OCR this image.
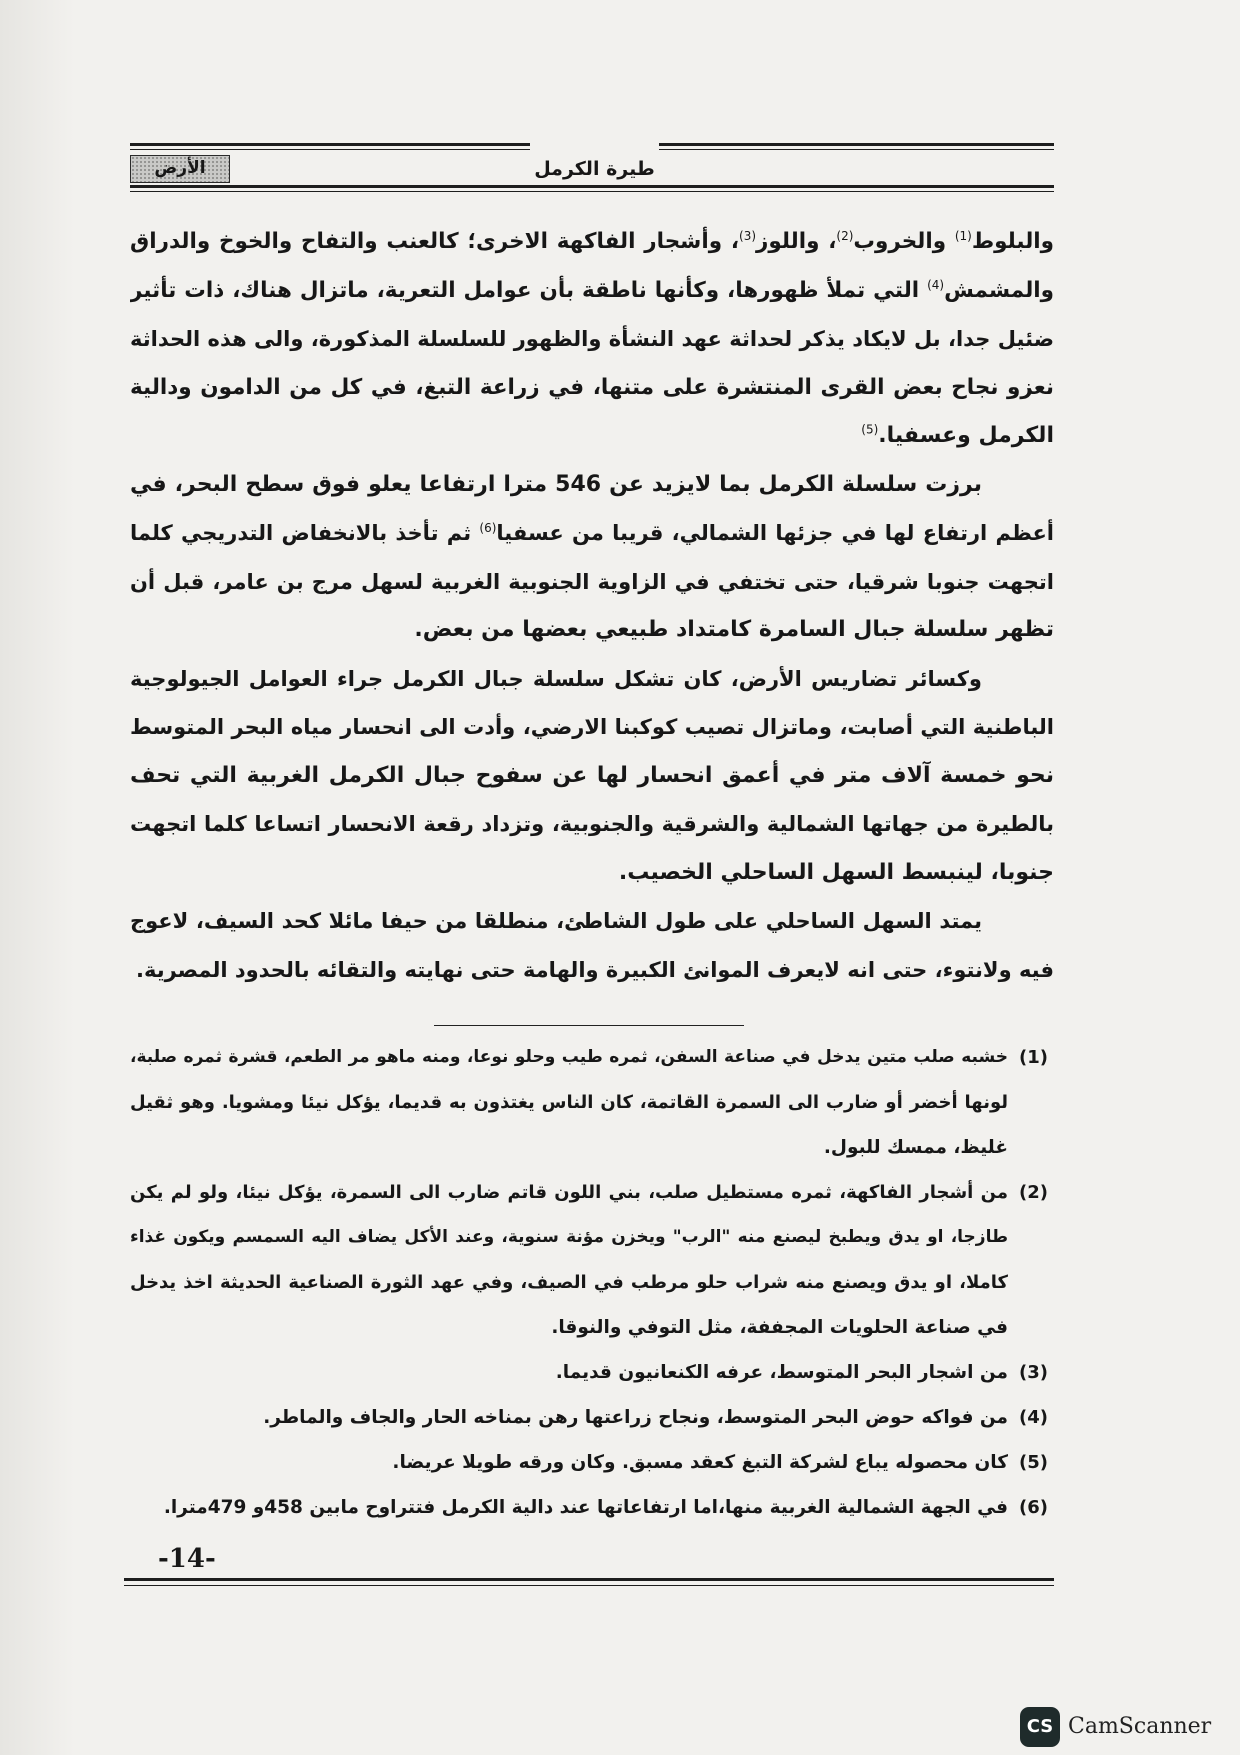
طيرة الكرمل
الأرض
والبلوط$^{(1)}$ والخروب$^{(2)}$، واللوز$^{(3)}$، وأشجار الفاكهة الاخرى؛ كالعنب والتفاح والخوخ والدراق
والمشمش$^{(4)}$ التي تملأ ظهورها، وكأنها ناطقة بأن عوامل التعرية، ماتزال هناك، ذات تأثير
ضئيل جدا، بل لايكاد يذكر لحداثة عهد النشأة والظهور للسلسلة المذكورة، والى هذه الحداثة
نعزو نجاح بعض القرى المنتشرة على متنها، في زراعة التبغ، في كل من الدامون ودالية
الكرمل وعسفيا.$^{(5)}$
برزت سلسلة الكرمل بما لايزيد عن 546 مترا ارتفاعا يعلو فوق سطح البحر، في
أعظم ارتفاع لها في جزئها الشمالي، قريبا من عسفيا$^{(6)}$ ثم تأخذ بالانخفاض التدريجي كلما
اتجهت جنوبا شرقيا، حتى تختفي في الزاوية الجنوبية الغربية لسهل مرج بن عامر، قبل أن
تظهر سلسلة جبال السامرة كامتداد طبيعي بعضها من بعض.
وكسائر تضاريس الأرض، كان تشكل سلسلة جبال الكرمل جراء العوامل الجيولوجية
الباطنية التي أصابت، وماتزال تصيب كوكبنا الارضي، وأدت الى انحسار مياه البحر المتوسط
نحو خمسة آلاف متر في أعمق انحسار لها عن سفوح جبال الكرمل الغربية التي تحف
بالطيرة من جهاتها الشمالية والشرقية والجنوبية، وتزداد رقعة الانحسار اتساعا كلما اتجهت
جنوبا، لينبسط السهل الساحلي الخصيب.
يمتد السهل الساحلي على طول الشاطئ، منطلقا من حيفا مائلا كحد السيف، لاعوج
فيه ولانتوء، حتى انه لايعرف الموانئ الكبيرة والهامة حتى نهايته والتقائه بالحدود المصرية.
(1)
خشبه صلب متين يدخل في صناعة السفن، ثمره طيب وحلو نوعا، ومنه ماهو مر الطعم، قشرة ثمره صلبة،
لونها أخضر أو ضارب الى السمرة القاتمة، كان الناس يغتذون به قديما، يؤكل نيئا ومشويا. وهو ثقيل
غليظ، ممسك للبول.
(2)
من أشجار الفاكهة، ثمره مستطيل صلب، بني اللون قاتم ضارب الى السمرة، يؤكل نيئا، ولو لم يكن
طازجا، او يدق ويطبخ ليصنع منه "الرب" ويخزن مؤنة سنوية، وعند الأكل يضاف اليه السمسم ويكون غذاء
كاملا، او يدق ويصنع منه شراب حلو مرطب في الصيف، وفي عهد الثورة الصناعية الحديثة اخذ يدخل
في صناعة الحلويات المجففة، مثل التوفي والنوقا.
(3)
من اشجار البحر المتوسط، عرفه الكنعانيون قديما.
(4)
من فواكه حوض البحر المتوسط، ونجاح زراعتها رهن بمناخه الحار والجاف والماطر.
(5)
كان محصوله يباع لشركة التبغ كعقد مسبق. وكان ورقه طويلا عريضا.
(6)
في الجهة الشمالية الغربية منها،اما ارتفاعاتها عند دالية الكرمل فتتراوح مابين 458و 479مترا.
-14-
CS CamScanner
